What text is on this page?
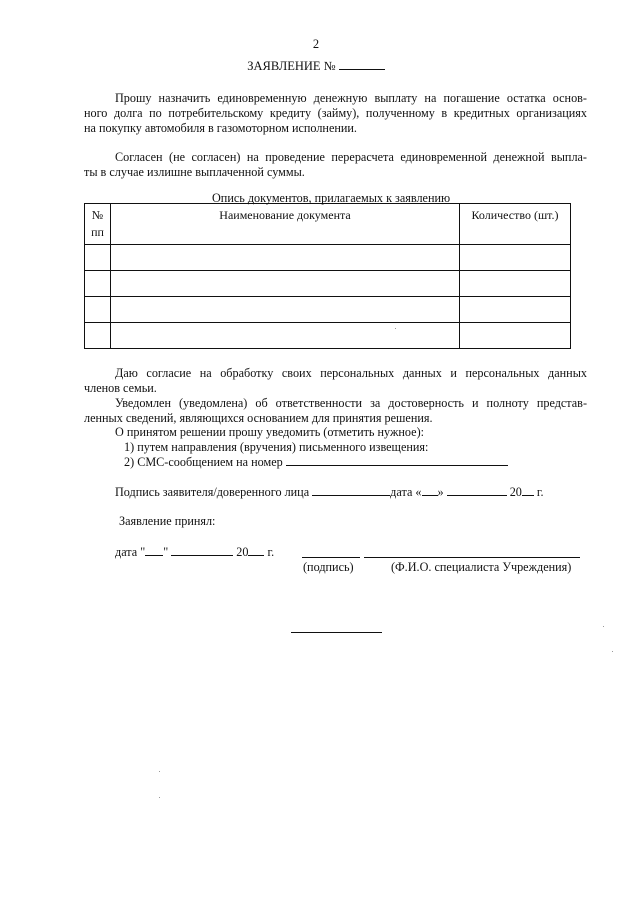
2
ЗАЯВЛЕНИЕ №
Прошу назначить единовременную денежную выплату на погашение остатка основ-
ного долга по потребительскому кредиту (займу), полученному в кредитных организациях
на покупку автомобиля в газомоторном исполнении.
Согласен (не согласен) на проведение перерасчета единовременной денежной выпла-
ты в случае излишне выплаченной суммы.
Опись документов, прилагаемых к заявлению
№ пп	Наименование документа	Количество (шт.)

Даю согласие на обработку своих персональных данных и персональных данных
членов семьи.
Уведомлен (уведомлена) об ответственности за достоверность и полноту представ-
ленных сведений, являющихся основанием для принятия решения.
О принятом решении прошу уведомить (отметить нужное):
1) путем направления (вручения) письменного извещения:
2) СМС-сообщением на номер
Подпись заявителя/доверенного лица	дата « »	20 г.
Заявление принял:
дата " "	20 г.
(подпись)	(Ф.И.О. специалиста Учреждения)
